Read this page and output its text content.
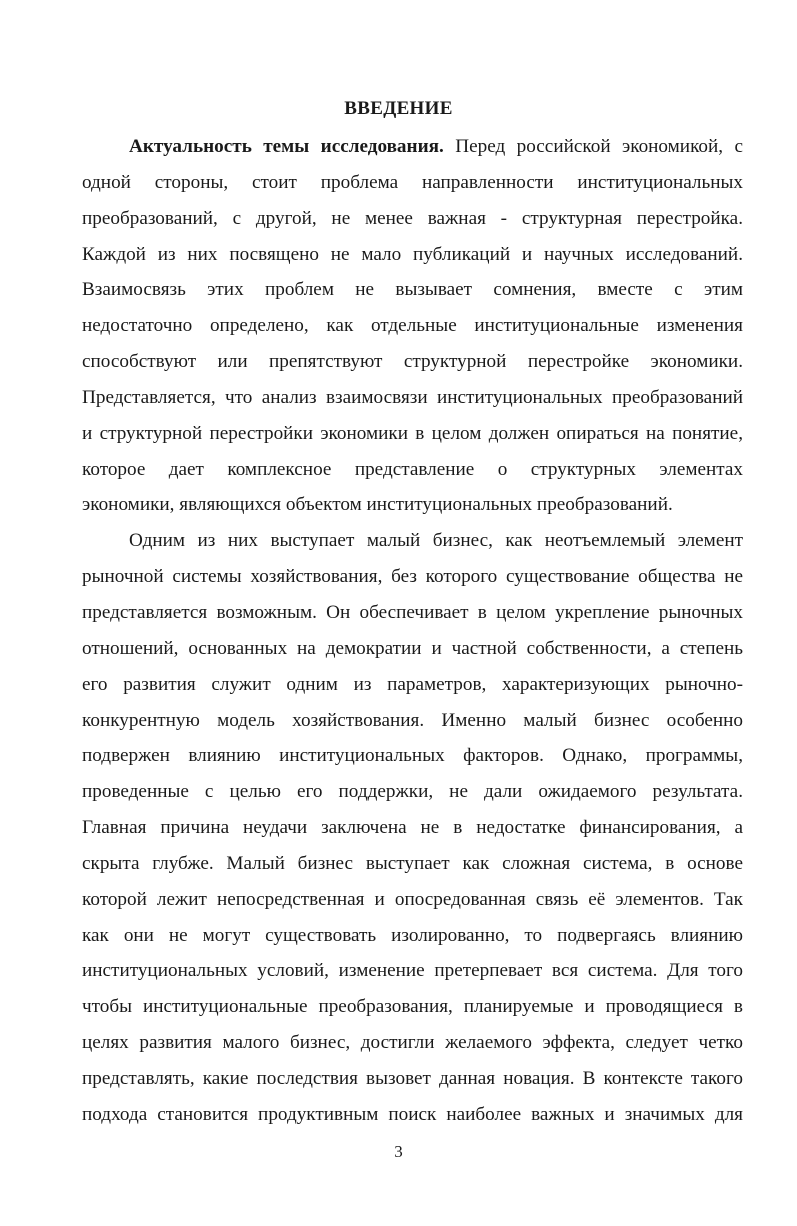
ВВЕДЕНИЕ
Актуальность темы исследования. Перед российской экономикой, с
одной стороны, стоит проблема направленности институциональных
преобразований, с другой, не менее важная - структурная перестройка.
Каждой из них посвящено не мало публикаций и научных исследований.
Взаимосвязь этих проблем не вызывает сомнения, вместе с этим
недостаточно определено, как отдельные институциональные изменения
способствуют или препятствуют структурной перестройке экономики.
Представляется, что анализ взаимосвязи институциональных преобразований
и структурной перестройки экономики в целом должен опираться на понятие,
которое дает комплексное представление о структурных элементах
экономики, являющихся объектом институциональных преобразований.
Одним из них выступает малый бизнес, как неотъемлемый элемент
рыночной системы хозяйствования, без которого существование общества не
представляется возможным. Он обеспечивает в целом укрепление рыночных
отношений, основанных на демократии и частной собственности, а степень
его развития служит одним из параметров, характеризующих рыночно-
конкурентную модель хозяйствования. Именно малый бизнес особенно
подвержен влиянию институциональных факторов. Однако, программы,
проведенные с целью его поддержки, не дали ожидаемого результата.
Главная причина неудачи заключена не в недостатке финансирования, а
скрыта глубже. Малый бизнес выступает как сложная система, в основе
которой лежит непосредственная и опосредованная связь её элементов. Так
как они не могут существовать изолированно, то подвергаясь влиянию
институциональных условий, изменение претерпевает вся система. Для того
чтобы институциональные преобразования, планируемые и проводящиеся в
целях развития малого бизнес, достигли желаемого эффекта, следует четко
представлять, какие последствия вызовет данная новация. В контексте такого
подхода становится продуктивным поиск наиболее важных и значимых для
3
